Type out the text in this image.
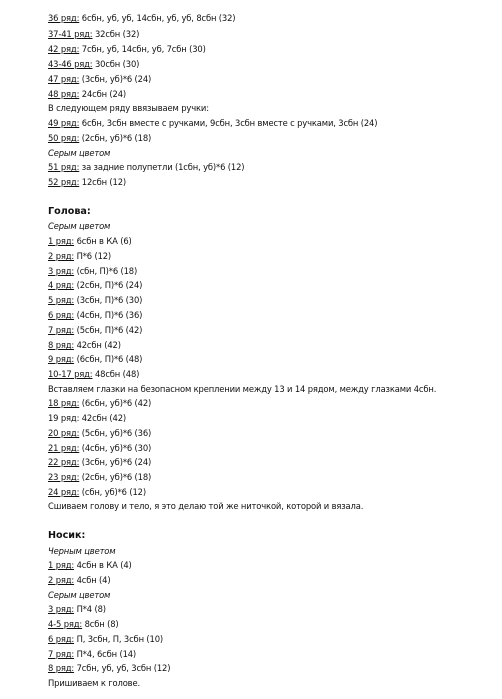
36 ряд: 6сбн, уб, уб, 14сбн, уб, уб, 8сбн (32)

37-41 ряд: 32сбн (32)

42 ряд: 7сбн, уб, 14сбн, уб, 7сбн (30)

43-46 ряд: 30сбн (30)

47 ряд: (3сбн, уб)*6 (24)

48 ряд: 24сбн (24)

В следующем ряду ввязываем ручки:

49 ряд: 6сбн, 3сбн вместе с ручками, 9сбн, 3сбн вместе с ручками, 3сбн (24)

50 ряд: (2сбн, уб)*6 (18)

Серым цветом

51 ряд: за задние полупетли (1сбн, уб)*6 (12)

52 ряд: 12сбн (12)

Голова:

Серым цветом

1 ряд: 6сбн в КА (6)

2 ряд: П*6 (12)

3 ряд: (сбн, П)*6 (18)

4 ряд: (2сбн, П)*6 (24)

5 ряд: (3сбн, П)*6 (30)

6 ряд: (4сбн, П)*6 (36)

7 ряд: (5сбн, П)*6 (42)

8 ряд: 42сбн (42)

9 ряд: (6сбн, П)*6 (48)

10-17 ряд: 48сбн (48)

Вставляем глазки на безопасном креплении между 13 и 14 рядом, между глазками 4сбн.

18 ряд: (6сбн, уб)*6 (42)

19 ряд: 42сбн (42)

20 ряд: (5сбн, уб)*6 (36)

21 ряд: (4сбн, уб)*6 (30)

22 ряд: (3сбн, уб)*6 (24)

23 ряд: (2сбн, уб)*6 (18)

24 ряд: (сбн, уб)*6 (12)

Сшиваем голову и тело, я это делаю той же ниточкой, которой и вязала.

Носик:

Черным цветом

1 ряд: 4сбн в КА (4)

2 ряд: 4сбн (4)

Серым цветом

3 ряд: П*4 (8)

4-5 ряд: 8сбн (8)

6 ряд: П, 3сбн, П, 3сбн (10)

7 ряд: П*4, 6сбн (14)

8 ряд: 7сбн, уб, уб, 3сбн (12)

Пришиваем к голове.
